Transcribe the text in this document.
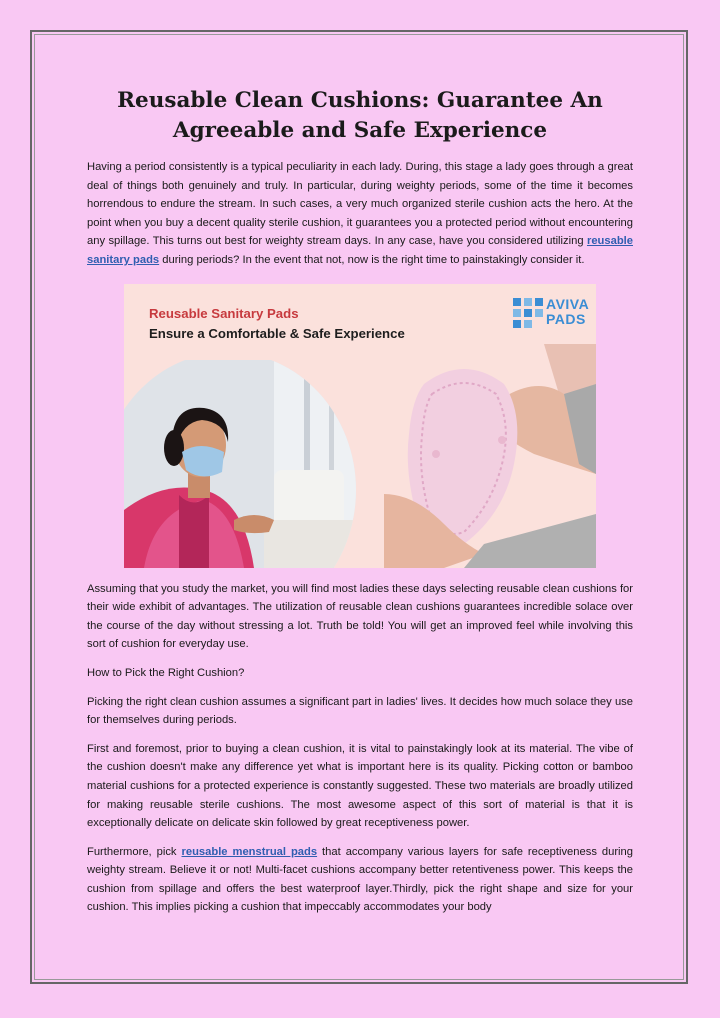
Reusable Clean Cushions: Guarantee An Agreeable and Safe Experience

Having a period consistently is a typical peculiarity in each lady. During, this stage a lady goes through a great deal of things both genuinely and truly. In particular, during weighty periods, some of the time it becomes horrendous to endure the stream. In such cases, a very much organized sterile cushion acts the hero. At the point when you buy a decent quality sterile cushion, it guarantees you a protected period without encountering any spillage. This turns out best for weighty stream days. In any case, have you considered utilizing reusable sanitary pads during periods? In the event that not, now is the right time to painstakingly consider it.

Reusable Sanitary Pads
Ensure a Comfortable & Safe Experience
AVIVA
PADS

Assuming that you study the market, you will find most ladies these days selecting reusable clean cushions for their wide exhibit of advantages. The utilization of reusable clean cushions guarantees incredible solace over the course of the day without stressing a lot. Truth be told! You will get an improved feel while involving this sort of cushion for everyday use.

How to Pick the Right Cushion?

Picking the right clean cushion assumes a significant part in ladies' lives. It decides how much solace they use for themselves during periods.

First and foremost, prior to buying a clean cushion, it is vital to painstakingly look at its material. The vibe of the cushion doesn't make any difference yet what is important here is its quality. Picking cotton or bamboo material cushions for a protected experience is constantly suggested. These two materials are broadly utilized for making reusable sterile cushions. The most awesome aspect of this sort of material is that it is exceptionally delicate on delicate skin followed by great receptiveness power.

Furthermore, pick reusable menstrual pads that accompany various layers for safe receptiveness during weighty stream. Believe it or not! Multi-facet cushions accompany better retentiveness power. This keeps the cushion from spillage and offers the best waterproof layer.Thirdly, pick the right shape and size for your cushion. This implies picking a cushion that impeccably accommodates your body
